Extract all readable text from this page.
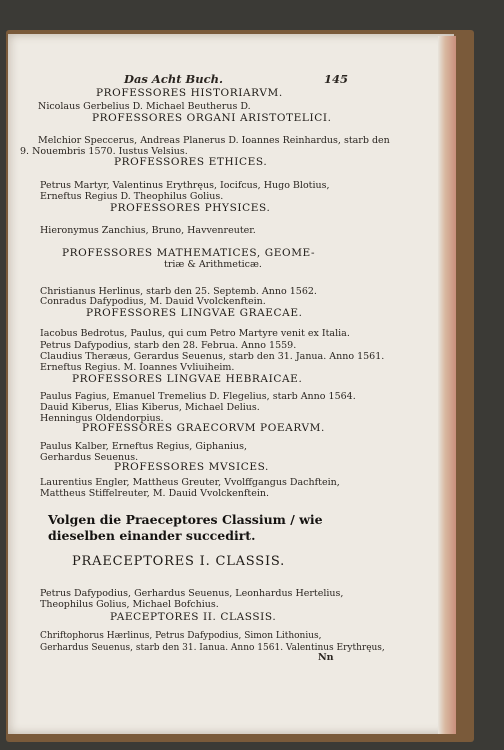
Das Acht Buch.	145
PROFESSORES HISTORIARVM.
Nicolaus Gerbelius D. Michael Beutherus D.
PROFESSORES ORGANI ARISTOTELICI.
Melchior Speccerus, Andreas Planerus D. Ioannes Reinhardus, starb den
9. Nouembris 1570. Iustus Velsius.
PROFESSORES ETHICES.
Petrus Martyr, Valentinus Erythręus, Iocifcus, Hugo Blotius,
Erneftus Regius D. Theophilus Golius.
PROFESSORES PHYSICES.
Hieronymus Zanchius, Bruno, Havvenreuter.
PROFESSORES MATHEMATICES, GEOME-
triæ & Arithmeticæ.
Christianus Herlinus, starb den 25. Septemb. Anno 1562.
Conradus Dafypodius, M. Dauid Vvolckenftein.
PROFESSORES LINGVAE GRAECAE.
Iacobus Bedrotus, Paulus, qui cum Petro Martyre venit ex Italia.
Petrus Dafypodius, starb den 28. Februa. Anno 1559.
Claudius Theræus, Gerardus Seuenus, starb den 31. Janua. Anno 1561.
Erneftus Regius. M. Ioannes Vvliuiheim.
PROFESSORES LINGVAE HEBRAICAE.
Paulus Fagius, Emanuel Tremelius D. Flegelius, starb Anno 1564.
Dauid Kiberus, Elias Kiberus, Michael Delius.
Henningus Oldendorpius.
PROFESSORES GRAECORVM POEARVM.
Paulus Kalber, Erneftus Regius, Giphanius,
Gerhardus Seuenus.
PROFESSORES MVSICES.
Laurentius Engler, Mattheus Greuter, Vvolffgangus Dachftein,
Mattheus Stiffelreuter, M. Dauid Vvolckenftein.
Volgen die Praeceptores Classium / wie dieselben einander succedirt.
PRAECEPTORES I. CLASSIS.
Petrus Dafypodius, Gerhardus Seuenus, Leonhardus Hertelius,
Theophilus Golius, Michael Bofchius.
PAECEPTORES II. CLASSIS.
Chriftophorus Hærlinus, Petrus Dafypodius, Simon Lithonius,
Gerhardus Seuenus, starb den 31. Ianua. Anno 1561. Valentinus Erythręus,
Nn
